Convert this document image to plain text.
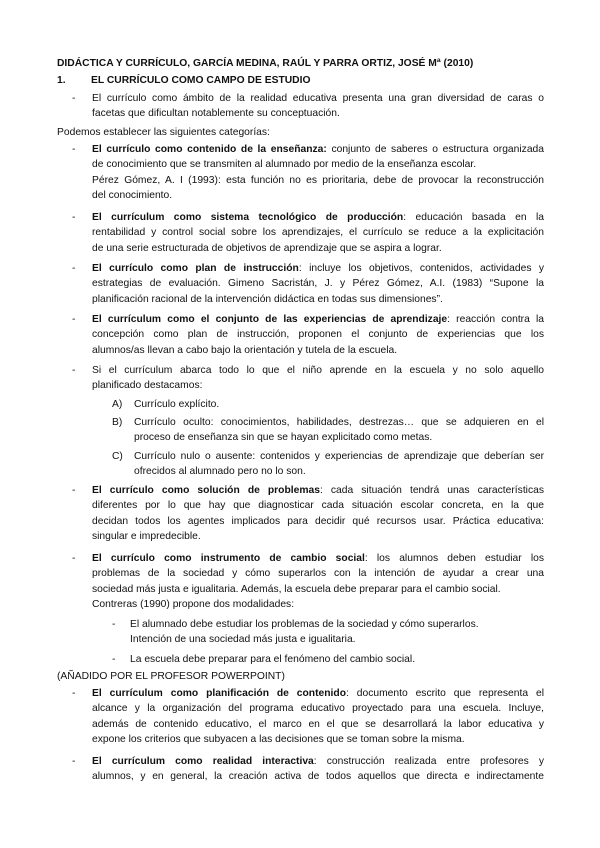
DIDÁCTICA Y CURRÍCULO, GARCÍA MEDINA, RAÚL Y PARRA ORTIZ, JOSÉ Mª (2010)
1. EL CURRÍCULO COMO CAMPO DE ESTUDIO
- El currículo como ámbito de la realidad educativa presenta una gran diversidad de caras o
facetas que dificultan notablemente su conceptuación.
Podemos establecer las siguientes categorías:
- El currículo como contenido de la enseñanza: conjunto de saberes o estructura organizada
de conocimiento que se transmiten al alumnado por medio de la enseñanza escolar.
Pérez Gómez, A. I (1993): esta función no es prioritaria, debe de provocar la reconstrucción
del conocimiento.
- El currículum como sistema tecnológico de producción: educación basada en la
rentabilidad y control social sobre los aprendizajes, el currículo se reduce a la explicitación
de una serie estructurada de objetivos de aprendizaje que se aspira a lograr.
- El currículo como plan de instrucción: incluye los objetivos, contenidos, actividades y
estrategias de evaluación. Gimeno Sacristán, J. y Pérez Gómez, A.I. (1983) “Supone la
planificación racional de la intervención didáctica en todas sus dimensiones”.
- El currículum como el conjunto de las experiencias de aprendizaje: reacción contra la
concepción como plan de instrucción, proponen el conjunto de experiencias que los
alumnos/as llevan a cabo bajo la orientación y tutela de la escuela.
- Si el currículum abarca todo lo que el niño aprende en la escuela y no solo aquello
planificado destacamos:
A) Currículo explícito.
B) Currículo oculto: conocimientos, habilidades, destrezas… que se adquieren en el
proceso de enseñanza sin que se hayan explicitado como metas.
C) Currículo nulo o ausente: contenidos y experiencias de aprendizaje que deberían ser
ofrecidos al alumnado pero no lo son.
- El currículo como solución de problemas: cada situación tendrá unas características
diferentes por lo que hay que diagnosticar cada situación escolar concreta, en la que
decidan todos los agentes implicados para decidir qué recursos usar. Práctica educativa:
singular e impredecible.
- El currículo como instrumento de cambio social: los alumnos deben estudiar los
problemas de la sociedad y cómo superarlos con la intención de ayudar a crear una
sociedad más justa e igualitaria. Además, la escuela debe preparar para el cambio social.
Contreras (1990) propone dos modalidades:
- El alumnado debe estudiar los problemas de la sociedad y cómo superarlos.
Intención de una sociedad más justa e igualitaria.
- La escuela debe preparar para el fenómeno del cambio social.
(AÑADIDO POR EL PROFESOR POWERPOINT)
- El currículum como planificación de contenido: documento escrito que representa el
alcance y la organización del programa educativo proyectado para una escuela. Incluye,
además de contenido educativo, el marco en el que se desarrollará la labor educativa y
expone los criterios que subyacen a las decisiones que se toman sobre la misma.
- El currículum como realidad interactiva: construcción realizada entre profesores y
alumnos, y en general, la creación activa de todos aquellos que directa e indirectamente
